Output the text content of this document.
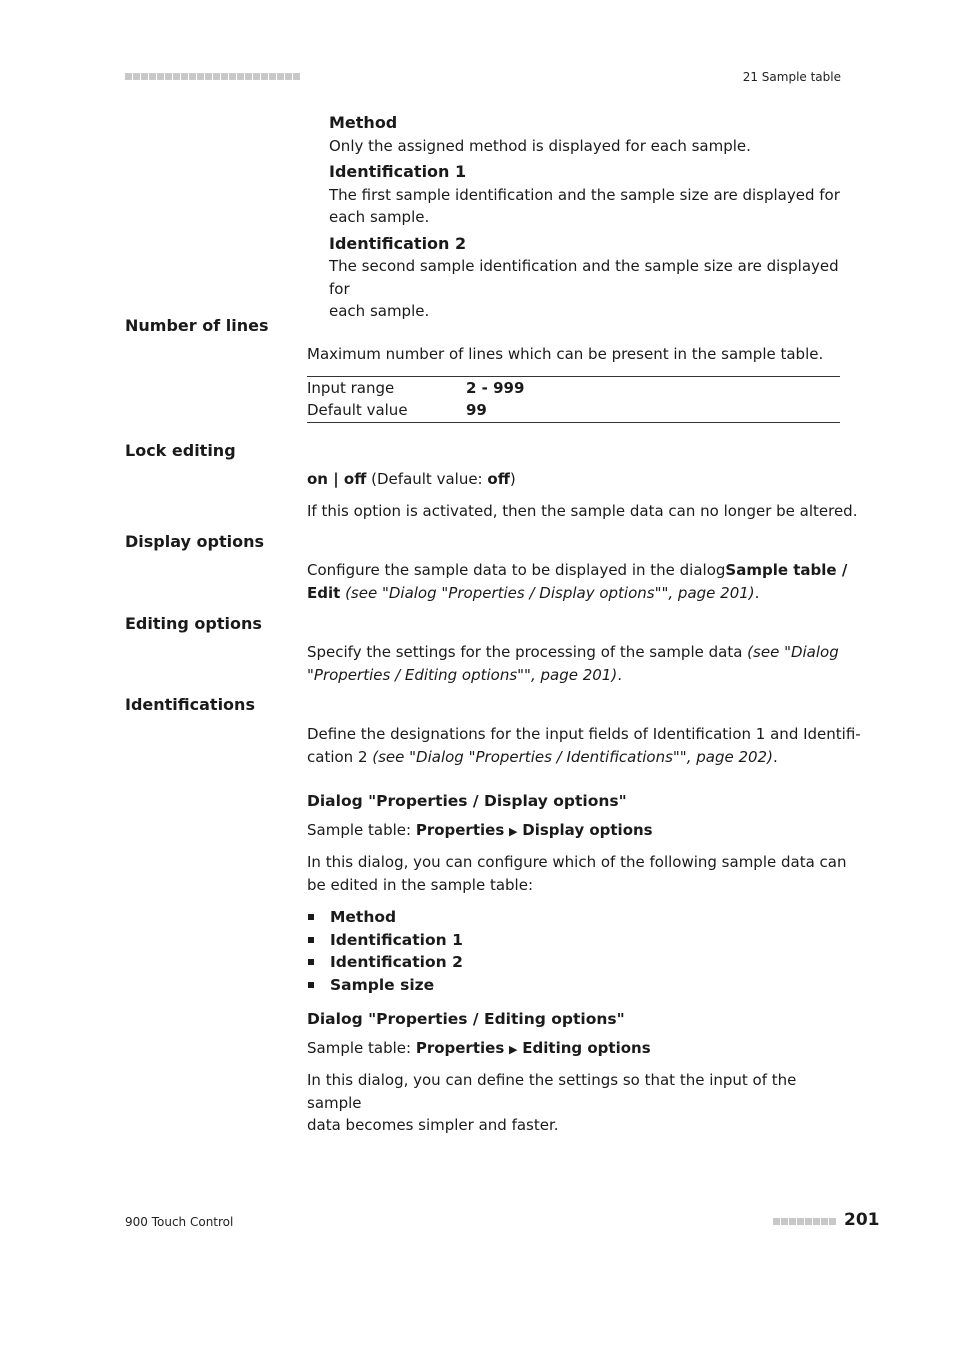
21 Sample table
Method
Only the assigned method is displayed for each sample.
Identification 1
The first sample identification and the sample size are displayed for
each sample.
Identification 2
The second sample identification and the sample size are displayed for
each sample.
Number of lines
Maximum number of lines which can be present in the sample table.
Input range	2 - 999
Default value	99
Lock editing
on | off (Default value: off)
If this option is activated, then the sample data can no longer be altered.
Display options
Configure the sample data to be displayed in the dialogSample table /
Edit (see "Dialog "Properties / Display options"", page 201).
Editing options
Specify the settings for the processing of the sample data (see "Dialog
"Properties / Editing options"", page 201).
Identifications
Define the designations for the input fields of Identification 1 and Identifi-
cation 2 (see "Dialog "Properties / Identifications"", page 202).
Dialog "Properties / Display options"
Sample table: Properties ▶ Display options
In this dialog, you can configure which of the following sample data can
be edited in the sample table:
Method
Identification 1
Identification 2
Sample size
Dialog "Properties / Editing options"
Sample table: Properties ▶ Editing options
In this dialog, you can define the settings so that the input of the sample
data becomes simpler and faster.
900 Touch Control	201
